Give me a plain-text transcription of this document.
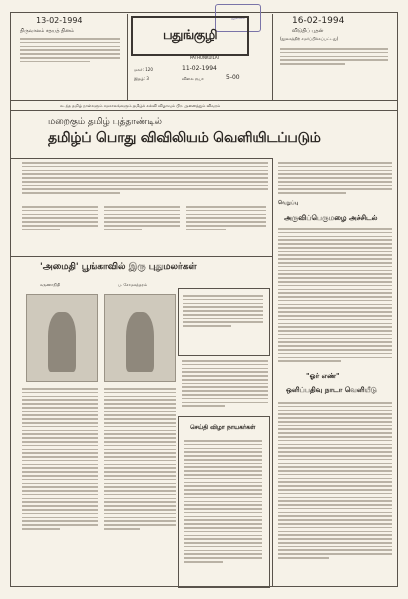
13-02-1994
திருவாலம் சதயத் தினம்
நூலகம்
பதுங்குழி
PATHUNKUILAI
மலர்: 120	11-02-1994
இதழ்: 3	விலை ரூபா	5-00
16-02-1994
விடுதிப் புதன்
(நூலகத்திற் சமர்ப்பிக்கப்பட்டது)
கடந்த தமிழ் நாள்களும் சமகாலங்களும் தமிழ்க் கல்வி விழாவும் பிற அனைத்தும் விவரம்
மறைகும் தமிழ் புத்தாண்டில்
தமிழ்ப் பொது விவிலியம் வெளியிடப்படும்
'அமைதி' பூங்காவில் இரு புதுமலர்கள்
கருணாநிதி	ப. சோமசுந்தரம்
செய்தி விழா நாயகர்கள்
வெறுப்பு
அருவிப்பெருமழை அச்சிடல்
"ஓர் எண்"
ஒளிப்பதிவு நாடா வெளியீடு
